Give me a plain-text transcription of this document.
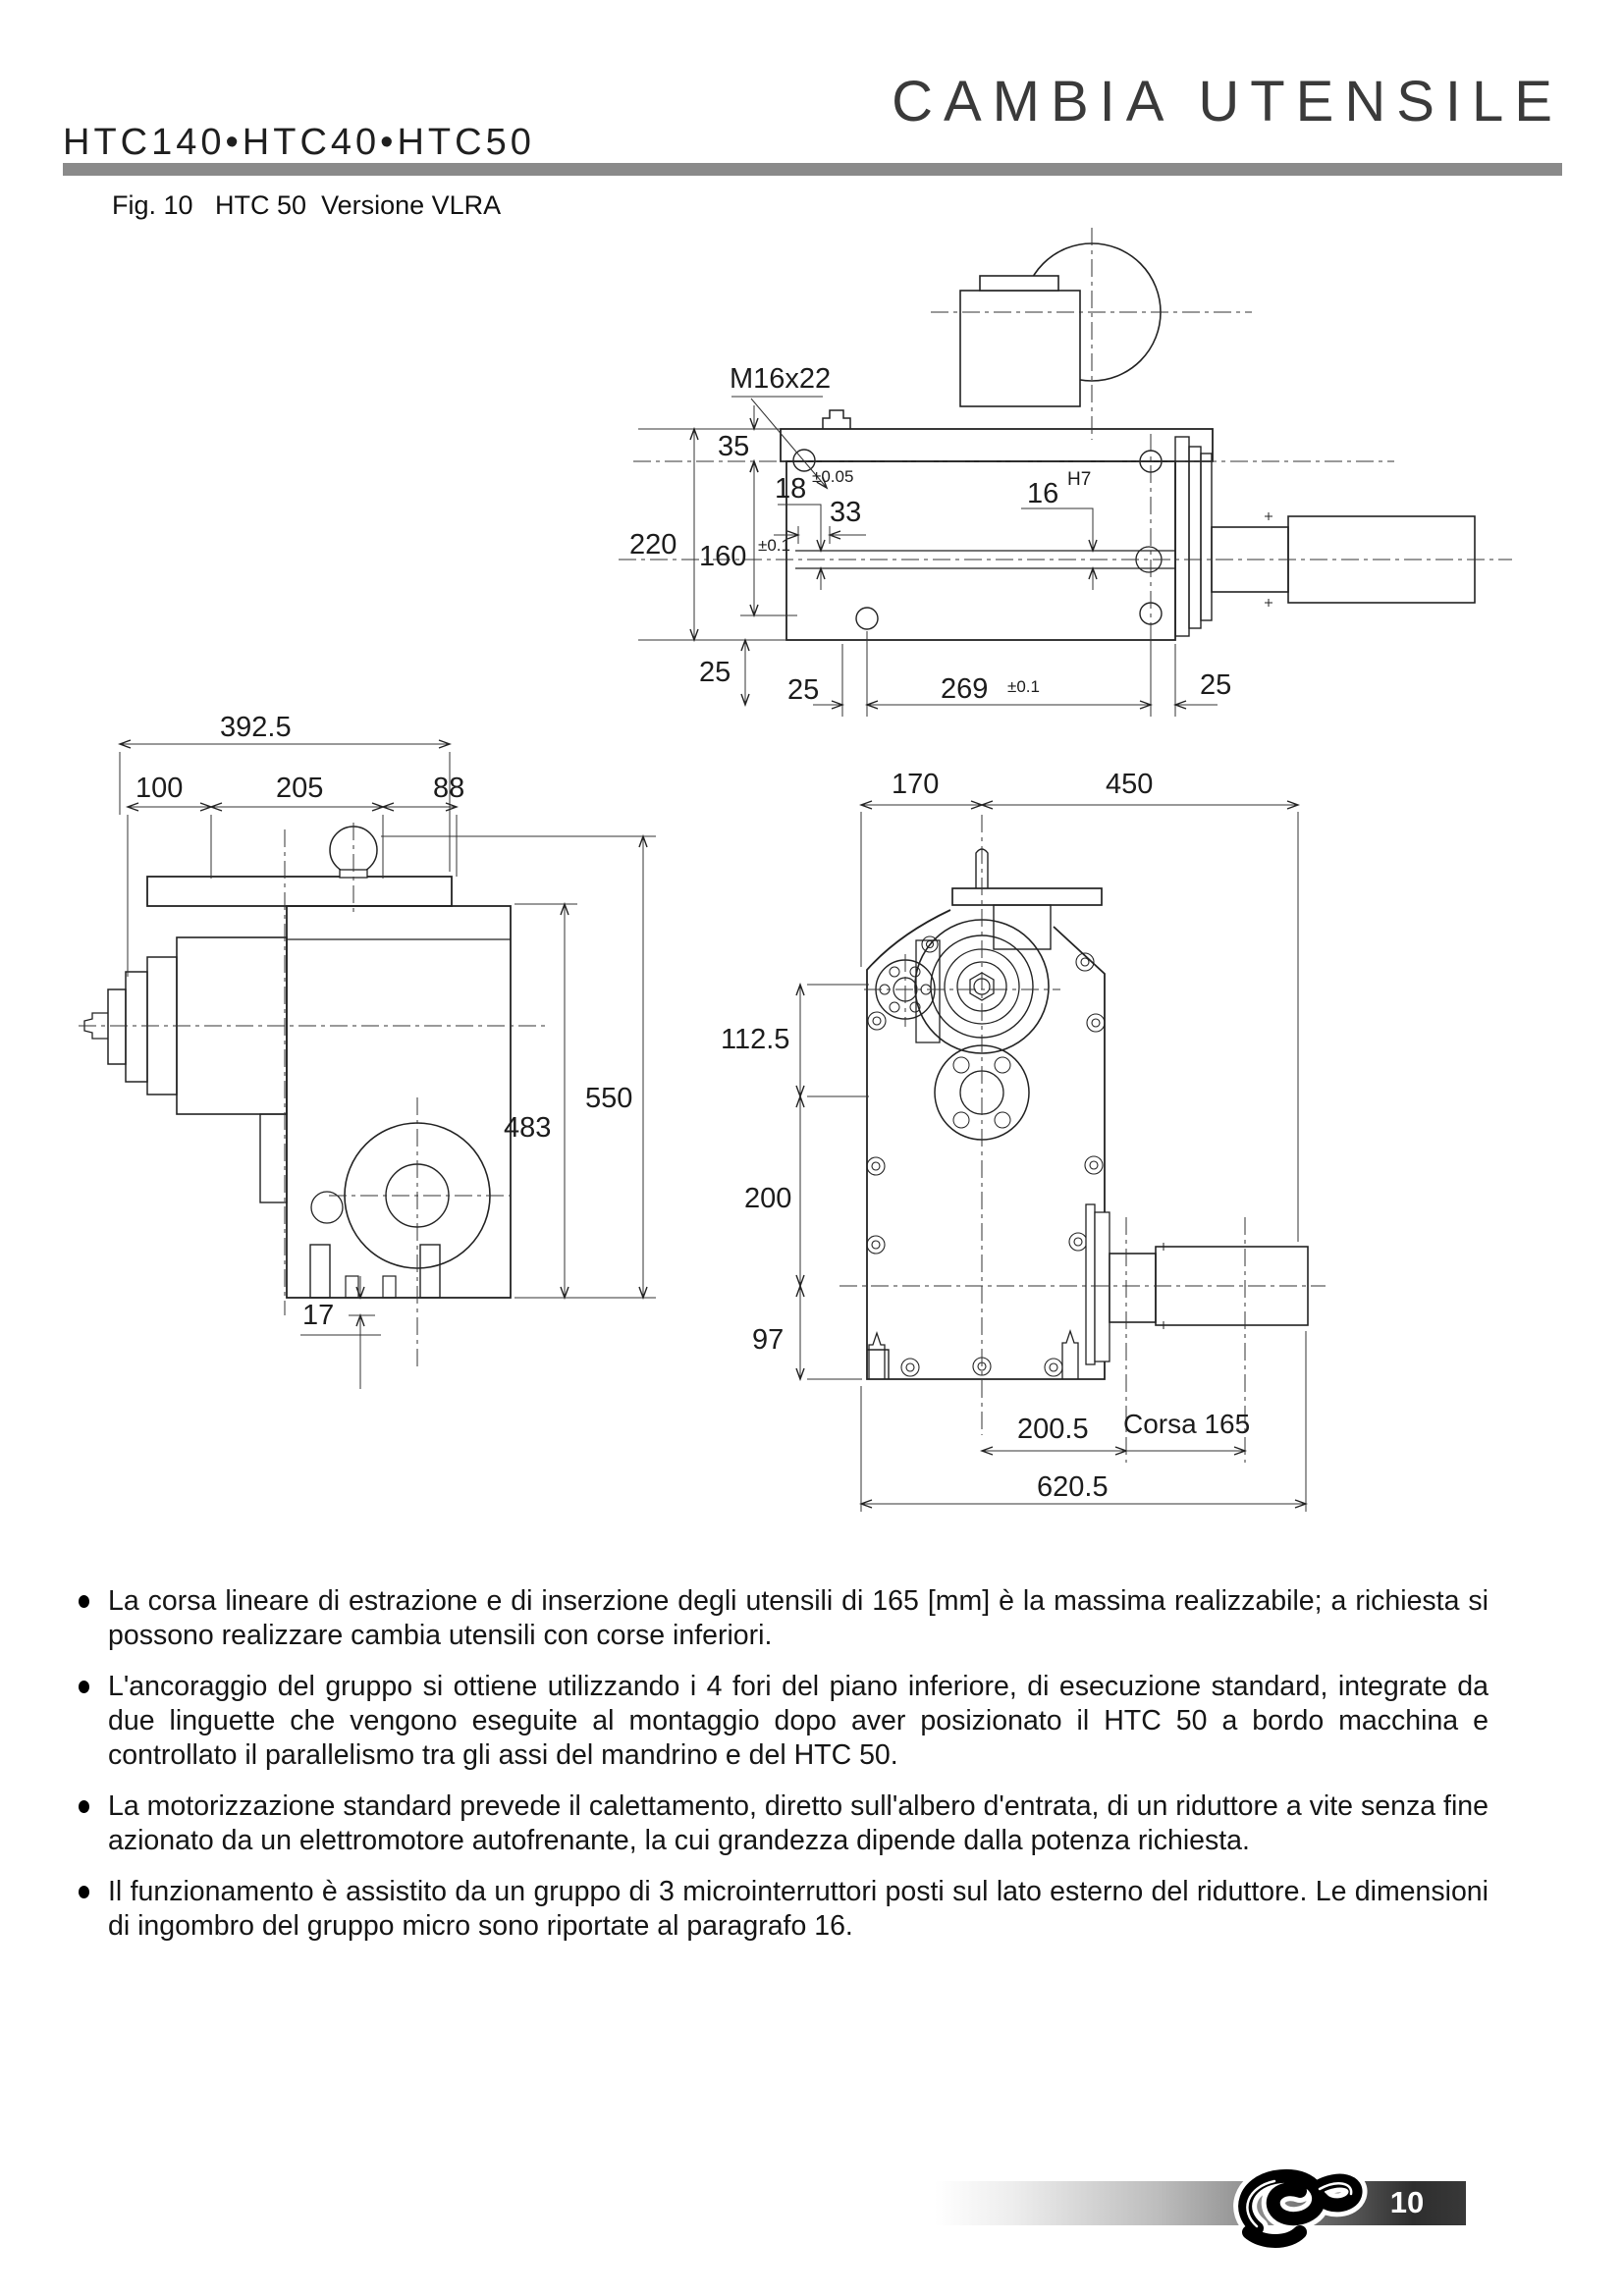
HTC140•HTC40•HTC50
CAMBIA UTENSILE
Fig. 10   HTC 50  Versione VLRA
M16x22
35
18 ±0.05
33
16 H7
220 160 ±0.1
25
25	269 ±0.1	25
392.5
100	205	88
483
550
17
170	450
112.5
200
97
200.5 Corsa 165
620.5
La corsa lineare di estrazione e di inserzione degli utensili di 165 [mm] è la massima realizzabile; a richiesta si possono realizzare cambia utensili con corse inferiori.
L'ancoraggio del gruppo si ottiene utilizzando i 4 fori del piano inferiore, di esecuzione standard, integrate da due linguette che vengono eseguite al montaggio dopo aver posizionato il HTC 50 a bordo macchina e controllato il parallelismo tra gli assi del mandrino e del HTC 50.
La motorizzazione standard prevede il calettamento, diretto sull'albero d'entrata, di un riduttore a vite senza fine azionato da un elettromotore autofrenante, la cui grandezza dipende dalla potenza richiesta.
Il funzionamento è assistito da un gruppo di 3 microinterruttori posti sul lato esterno del riduttore. Le dimensioni di ingombro del gruppo micro sono riportate al paragrafo 16.
10
